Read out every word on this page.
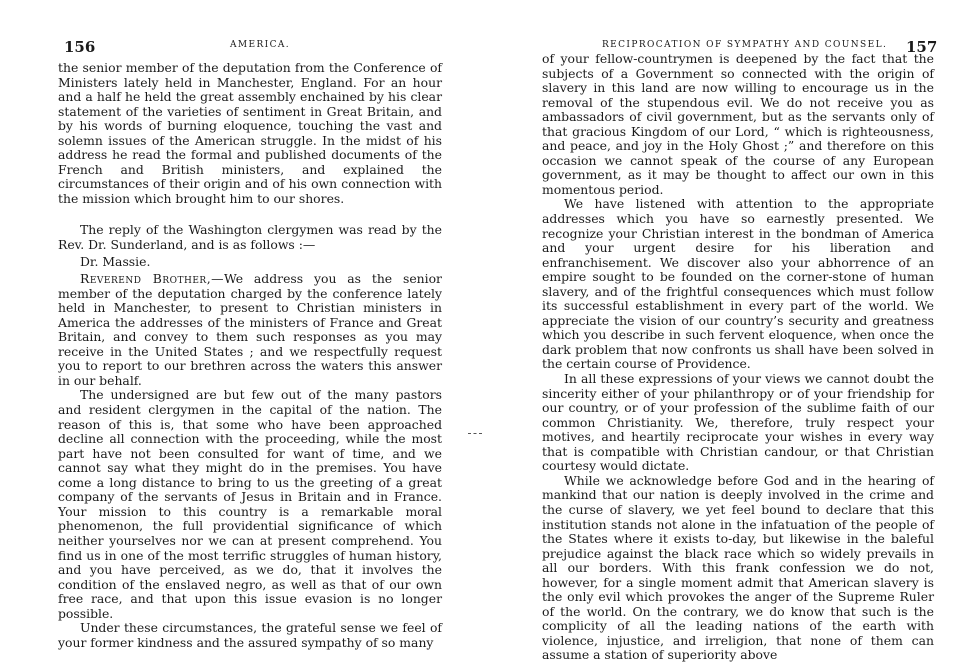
156	AMERICA.

the senior member of the deputation from the Conference of Ministers lately held in Manchester, England. For an hour and a half he held the great assembly enchained by his clear statement of the varieties of sentiment in Great Britain, and by his words of burning eloquence, touching the vast and solemn issues of the American struggle. In the midst of his address he read the formal and published documents of the French and British ministers, and explained the circumstances of their origin and of his own connection with the mission which brought him to our shores.

The reply of the Washington clergymen was read by the Rev. Dr. Sunderland, and is as follows :—

Dr. Massie.

Reverend Brother,—We address you as the senior member of the deputation charged by the conference lately held in Manchester, to present to Christian ministers in America the addresses of the ministers of France and Great Britain, and convey to them such responses as you may receive in the United States ; and we respectfully request you to report to our brethren across the waters this answer in our behalf.

The undersigned are but few out of the many pastors and resident clergymen in the capital of the nation. The reason of this is, that some who have been approached decline all connection with the proceeding, while the most part have not been consulted for want of time, and we cannot say what they might do in the premises. You have come a long distance to bring to us the greeting of a great company of the servants of Jesus in Britain and in France. Your mission to this country is a remarkable moral phenomenon, the full providential significance of which neither yourselves nor we can at present comprehend. You find us in one of the most terrific struggles of human history, and you have perceived, as we do, that it involves the condition of the enslaved negro, as well as that of our own free race, and that upon this issue evasion is no longer possible.

Under these circumstances, the grateful sense we feel of your former kindness and the assured sympathy of so many

RECIPROCATION OF SYMPATHY AND COUNSEL. 157

of your fellow-countrymen is deepened by the fact that the subjects of a Government so connected with the origin of slavery in this land are now willing to encourage us in the removal of the stupendous evil. We do not receive you as ambassadors of civil government, but as the servants only of that gracious Kingdom of our Lord, “ which is righteousness, and peace, and joy in the Holy Ghost ;” and therefore on this occasion we cannot speak of the course of any European government, as it may be thought to affect our own in this momentous period.

We have listened with attention to the appropriate addresses which you have so earnestly presented. We recognize your Christian interest in the bondman of America and your urgent desire for his liberation and enfranchisement. We discover also your abhorrence of an empire sought to be founded on the corner-stone of human slavery, and of the frightful consequences which must follow its successful establishment in every part of the world. We appreciate the vision of our country’s security and greatness which you describe in such fervent eloquence, when once the dark problem that now confronts us shall have been solved in the certain course of Providence.

In all these expressions of your views we cannot doubt the sincerity either of your philanthropy or of your friendship for our country, or of your profession of the sublime faith of our common Christianity. We, therefore, truly respect your motives, and heartily reciprocate your wishes in every way that is compatible with Christian candour, or that Christian courtesy would dictate.

While we acknowledge before God and in the hearing of mankind that our nation is deeply involved in the crime and the curse of slavery, we yet feel bound to declare that this institution stands not alone in the infatuation of the people of the States where it exists to-day, but likewise in the baleful prejudice against the black race which so widely prevails in all our borders. With this frank confession we do not, however, for a single moment admit that American slavery is the only evil which provokes the anger of the Supreme Ruler of the world. On the contrary, we do know that such is the complicity of all the leading nations of the earth with violence, injustice, and irreligion, that none of them can assume a station of superiority above
